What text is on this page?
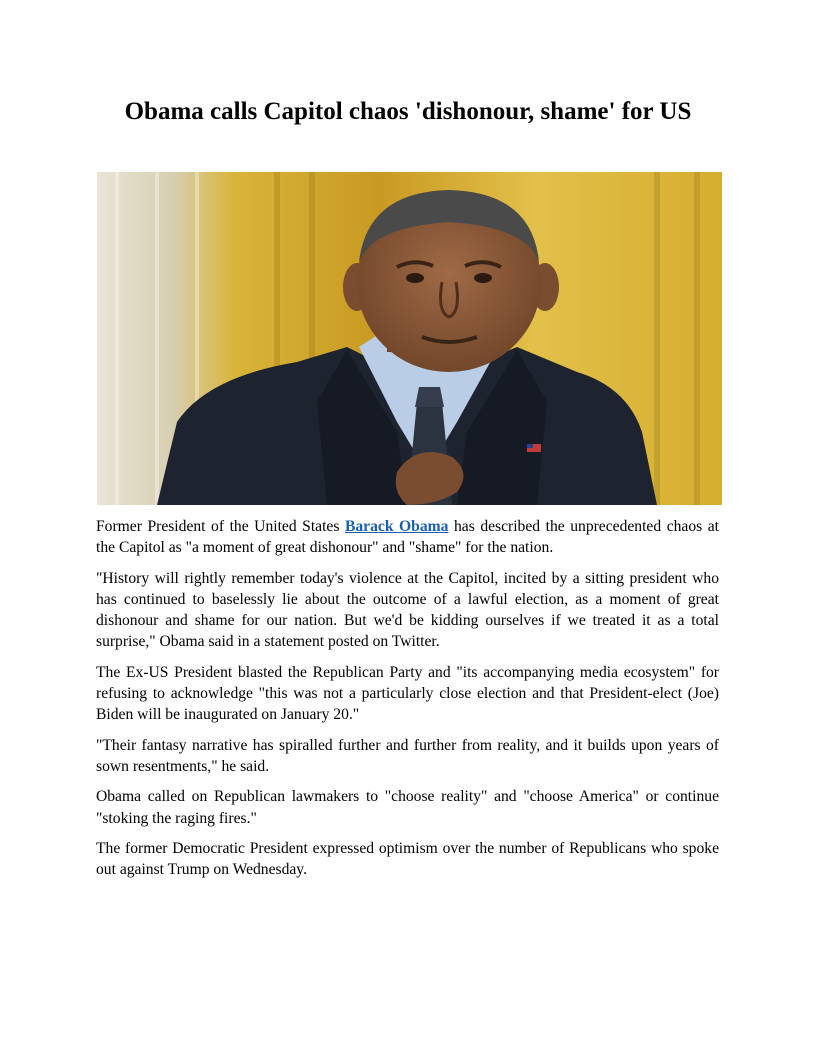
Obama calls Capitol chaos 'dishonour, shame' for US

Former President of the United States Barack Obama has described the unprecedented chaos at the Capitol as "a moment of great dishonour" and "shame" for the nation.

"History will rightly remember today's violence at the Capitol, incited by a sitting president who has continued to baselessly lie about the outcome of a lawful election, as a moment of great dishonour and shame for our nation. But we'd be kidding ourselves if we treated it as a total surprise," Obama said in a statement posted on Twitter.

The Ex-US President blasted the Republican Party and "its accompanying media ecosystem" for refusing to acknowledge "this was not a particularly close election and that President-elect (Joe) Biden will be inaugurated on January 20."

"Their fantasy narrative has spiralled further and further from reality, and it builds upon years of sown resentments," he said.

Obama called on Republican lawmakers to "choose reality" and "choose America" or continue "stoking the raging fires."

The former Democratic President expressed optimism over the number of Republicans who spoke out against Trump on Wednesday.
